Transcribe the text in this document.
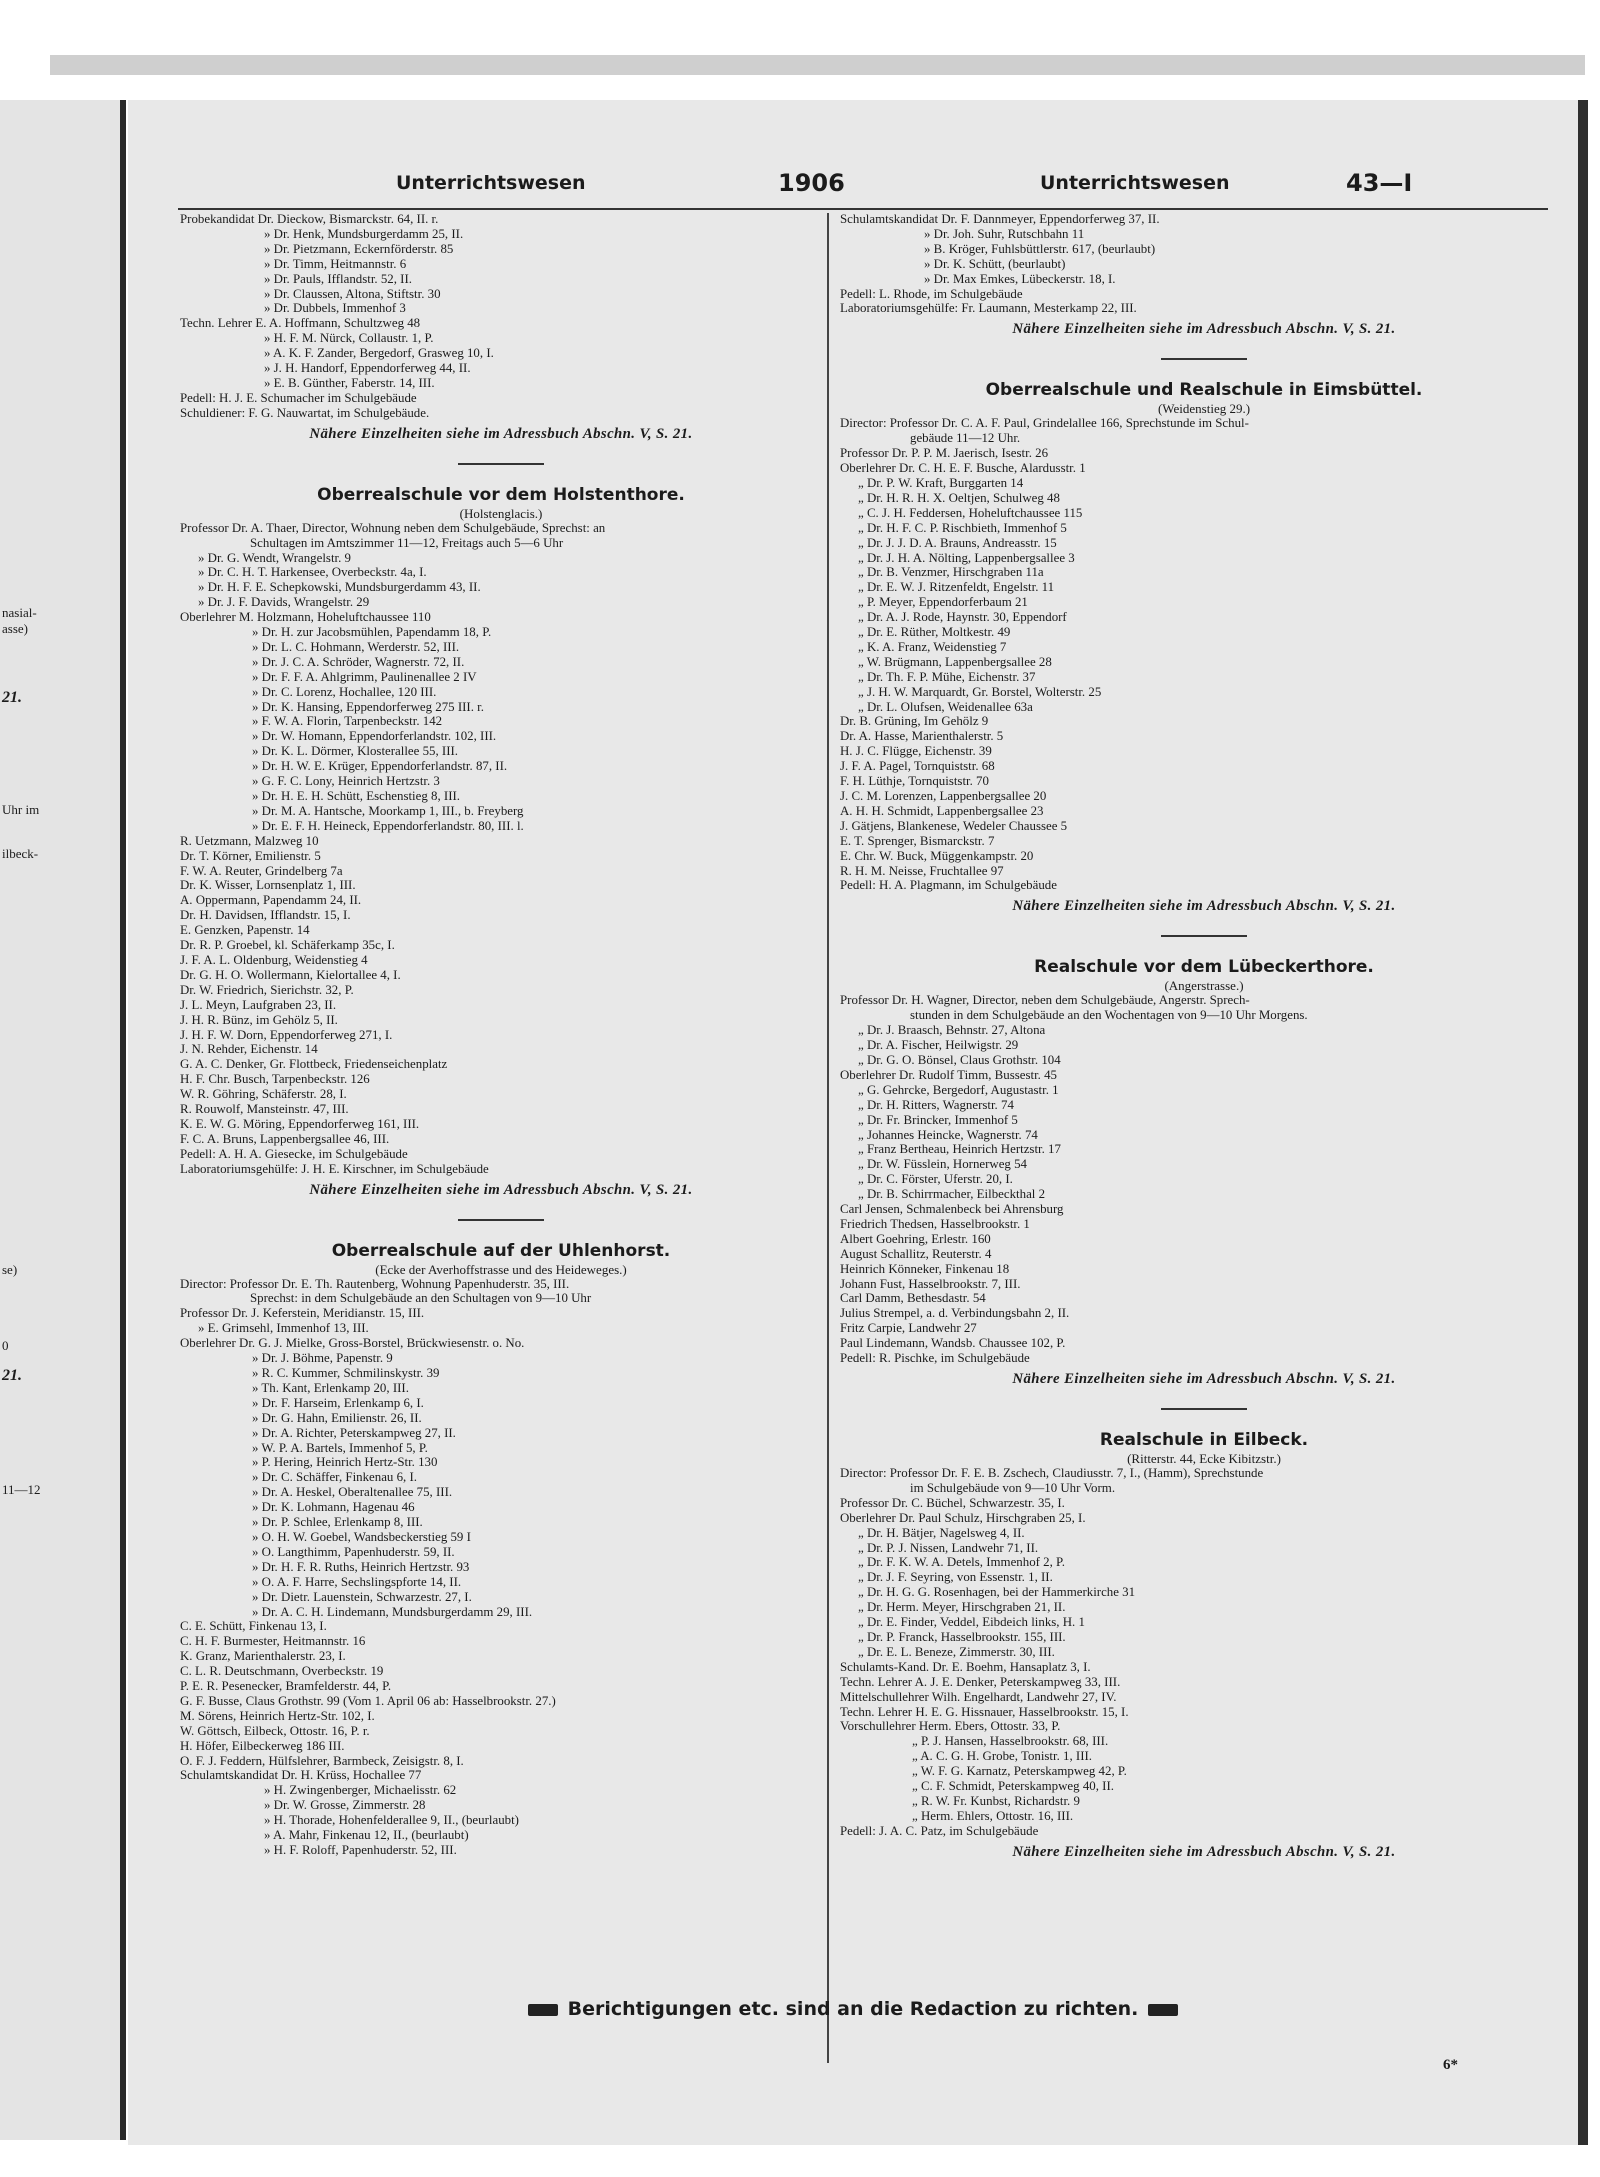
nasial-
asse)
21.
Uhr im
ilbeck-
se)
0
21.
11—12
Unterrichtswesen	1906	Unterrichtswesen	43—I
Probekandidat Dr. Dieckow, Bismarckstr. 64, II. r.
» Dr. Henk, Mundsburgerdamm 25, II.
» Dr. Pietzmann, Eckernförderstr. 85
» Dr. Timm, Heitmannstr. 6
» Dr. Pauls, Ifflandstr. 52, II.
» Dr. Claussen, Altona, Stiftstr. 30
» Dr. Dubbels, Immenhof 3
Techn. Lehrer E. A. Hoffmann, Schultzweg 48
» H. F. M. Nürck, Collaustr. 1, P.
» A. K. F. Zander, Bergedorf, Grasweg 10, I.
» J. H. Handorf, Eppendorferweg 44, II.
» E. B. Günther, Faberstr. 14, III.
Pedell: H. J. E. Schumacher im Schulgebäude
Schuldiener: F. G. Nauwartat, im Schulgebäude.
Nähere Einzelheiten siehe im Adressbuch Abschn. V, S. 21.
Oberrealschule vor dem Holstenthore.
(Holstenglacis.)
Professor Dr. A. Thaer, Director, Wohnung neben dem Schulgebäude, Sprechst: an
Schultagen im Amtszimmer 11—12, Freitags auch 5—6 Uhr
» Dr. G. Wendt, Wrangelstr. 9
» Dr. C. H. T. Harkensee, Overbeckstr. 4a, I.
» Dr. H. F. E. Schepkowski, Mundsburgerdamm 43, II.
» Dr. J. F. Davids, Wrangelstr. 29
Oberlehrer M. Holzmann, Hoheluftchaussee 110
» Dr. H. zur Jacobsmühlen, Papendamm 18, P.
» Dr. L. C. Hohmann, Werderstr. 52, III.
» Dr. J. C. A. Schröder, Wagnerstr. 72, II.
» Dr. F. F. A. Ahlgrimm, Paulinenallee 2 IV
» Dr. C. Lorenz, Hochallee, 120 III.
» Dr. K. Hansing, Eppendorferweg 275 III. r.
» F. W. A. Florin, Tarpenbeckstr. 142
» Dr. W. Homann, Eppendorferlandstr. 102, III.
» Dr. K. L. Dörmer, Klosterallee 55, III.
» Dr. H. W. E. Krüger, Eppendorferlandstr. 87, II.
» G. F. C. Lony, Heinrich Hertzstr. 3
» Dr. H. E. H. Schütt, Eschenstieg 8, III.
» Dr. M. A. Hantsche, Moorkamp 1, III., b. Freyberg
» Dr. E. F. H. Heineck, Eppendorferlandstr. 80, III. l.
R. Uetzmann, Malzweg 10
Dr. T. Körner, Emilienstr. 5
F. W. A. Reuter, Grindelberg 7a
Dr. K. Wisser, Lornsenplatz 1, III.
A. Oppermann, Papendamm 24, II.
Dr. H. Davidsen, Ifflandstr. 15, I.
E. Genzken, Papenstr. 14
Dr. R. P. Groebel, kl. Schäferkamp 35c, I.
J. F. A. L. Oldenburg, Weidenstieg 4
Dr. G. H. O. Wollermann, Kielortallee 4, I.
Dr. W. Friedrich, Sierichstr. 32, P.
J. L. Meyn, Laufgraben 23, II.
J. H. R. Bünz, im Gehölz 5, II.
J. H. F. W. Dorn, Eppendorferweg 271, I.
J. N. Rehder, Eichenstr. 14
G. A. C. Denker, Gr. Flottbeck, Friedenseichenplatz
H. F. Chr. Busch, Tarpenbeckstr. 126
W. R. Göhring, Schäferstr. 28, I.
R. Rouwolf, Mansteinstr. 47, III.
K. E. W. G. Möring, Eppendorferweg 161, III.
F. C. A. Bruns, Lappenbergsallee 46, III.
Pedell: A. H. A. Giesecke, im Schulgebäude
Laboratoriumsgehülfe: J. H. E. Kirschner, im Schulgebäude
Nähere Einzelheiten siehe im Adressbuch Abschn. V, S. 21.
Oberrealschule auf der Uhlenhorst.
(Ecke der Averhoffstrasse und des Heideweges.)
Director: Professor Dr. E. Th. Rautenberg, Wohnung Papenhuderstr. 35, III.
Sprechst: in dem Schulgebäude an den Schultagen von 9—10 Uhr
Professor Dr. J. Keferstein, Meridianstr. 15, III.
» E. Grimsehl, Immenhof 13, III.
Oberlehrer Dr. G. J. Mielke, Gross-Borstel, Brückwiesenstr. o. No.
» Dr. J. Böhme, Papenstr. 9
» R. C. Kummer, Schmilinskystr. 39
» Th. Kant, Erlenkamp 20, III.
» Dr. F. Harseim, Erlenkamp 6, I.
» Dr. G. Hahn, Emilienstr. 26, II.
» Dr. A. Richter, Peterskampweg 27, II.
» W. P. A. Bartels, Immenhof 5, P.
» P. Hering, Heinrich Hertz-Str. 130
» Dr. C. Schäffer, Finkenau 6, I.
» Dr. A. Heskel, Oberaltenallee 75, III.
» Dr. K. Lohmann, Hagenau 46
» Dr. P. Schlee, Erlenkamp 8, III.
» O. H. W. Goebel, Wandsbeckerstieg 59 I
» O. Langthimm, Papenhuderstr. 59, II.
» Dr. H. F. R. Ruths, Heinrich Hertzstr. 93
» O. A. F. Harre, Sechslingspforte 14, II.
» Dr. Dietr. Lauenstein, Schwarzestr. 27, I.
» Dr. A. C. H. Lindemann, Mundsburgerdamm 29, III.
C. E. Schütt, Finkenau 13, I.
C. H. F. Burmester, Heitmannstr. 16
K. Granz, Marienthalerstr. 23, I.
C. L. R. Deutschmann, Overbeckstr. 19
P. E. R. Pesenecker, Bramfelderstr. 44, P.
G. F. Busse, Claus Grothstr. 99 (Vom 1. April 06 ab: Hasselbrookstr. 27.)
M. Sörens, Heinrich Hertz-Str. 102, I.
W. Göttsch, Eilbeck, Ottostr. 16, P. r.
H. Höfer, Eilbeckerweg 186 III.
O. F. J. Feddern, Hülfslehrer, Barmbeck, Zeisigstr. 8, I.
Schulamtskandidat Dr. H. Krüss, Hochallee 77
» H. Zwingenberger, Michaelisstr. 62
» Dr. W. Grosse, Zimmerstr. 28
» H. Thorade, Hohenfelderallee 9, II., (beurlaubt)
» A. Mahr, Finkenau 12, II., (beurlaubt)
» H. F. Roloff, Papenhuderstr. 52, III.
Schulamtskandidat Dr. F. Dannmeyer, Eppendorferweg 37, II.
» Dr. Joh. Suhr, Rutschbahn 11
» B. Kröger, Fuhlsbüttlerstr. 617, (beurlaubt)
» Dr. K. Schütt, (beurlaubt)
» Dr. Max Emkes, Lübeckerstr. 18, I.
Pedell: L. Rhode, im Schulgebäude
Laboratoriumsgehülfe: Fr. Laumann, Mesterkamp 22, III.
Nähere Einzelheiten siehe im Adressbuch Abschn. V, S. 21.
Oberrealschule und Realschule in Eimsbüttel.
(Weidenstieg 29.)
Director: Professor Dr. C. A. F. Paul, Grindelallee 166, Sprechstunde im Schul-
gebäude 11—12 Uhr.
Professor Dr. P. P. M. Jaerisch, Isestr. 26
Oberlehrer Dr. C. H. E. F. Busche, Alardusstr. 1
„ Dr. P. W. Kraft, Burggarten 14
„ Dr. H. R. H. X. Oeltjen, Schulweg 48
„ C. J. H. Feddersen, Hoheluftchaussee 115
„ Dr. H. F. C. P. Rischbieth, Immenhof 5
„ Dr. J. J. D. A. Brauns, Andreasstr. 15
„ Dr. J. H. A. Nölting, Lappenbergsallee 3
„ Dr. B. Venzmer, Hirschgraben 11a
„ Dr. E. W. J. Ritzenfeldt, Engelstr. 11
„ P. Meyer, Eppendorferbaum 21
„ Dr. A. J. Rode, Haynstr. 30, Eppendorf
„ Dr. E. Rüther, Moltkestr. 49
„ K. A. Franz, Weidenstieg 7
„ W. Brügmann, Lappenbergsallee 28
„ Dr. Th. F. P. Mühe, Eichenstr. 37
„ J. H. W. Marquardt, Gr. Borstel, Wolterstr. 25
„ Dr. L. Olufsen, Weidenallee 63a
Dr. B. Grüning, Im Gehölz 9
Dr. A. Hasse, Marienthalerstr. 5
H. J. C. Flügge, Eichenstr. 39
J. F. A. Pagel, Tornquiststr. 68
F. H. Lüthje, Tornquiststr. 70
J. C. M. Lorenzen, Lappenbergsallee 20
A. H. H. Schmidt, Lappenbergsallee 23
J. Gätjens, Blankenese, Wedeler Chaussee 5
E. T. Sprenger, Bismarckstr. 7
E. Chr. W. Buck, Müggenkampstr. 20
R. H. M. Neisse, Fruchtallee 97
Pedell: H. A. Plagmann, im Schulgebäude
Nähere Einzelheiten siehe im Adressbuch Abschn. V, S. 21.
Realschule vor dem Lübeckerthore.
(Angerstrasse.)
Professor Dr. H. Wagner, Director, neben dem Schulgebäude, Angerstr. Sprech-
stunden in dem Schulgebäude an den Wochentagen von 9—10 Uhr Morgens.
„ Dr. J. Braasch, Behnstr. 27, Altona
„ Dr. A. Fischer, Heilwigstr. 29
„ Dr. G. O. Bönsel, Claus Grothstr. 104
Oberlehrer Dr. Rudolf Timm, Bussestr. 45
„ G. Gehrcke, Bergedorf, Augustastr. 1
„ Dr. H. Ritters, Wagnerstr. 74
„ Dr. Fr. Brincker, Immenhof 5
„ Johannes Heincke, Wagnerstr. 74
„ Franz Bertheau, Heinrich Hertzstr. 17
„ Dr. W. Füsslein, Hornerweg 54
„ Dr. C. Förster, Uferstr. 20, I.
„ Dr. B. Schirrmacher, Eilbeckthal 2
Carl Jensen, Schmalenbeck bei Ahrensburg
Friedrich Thedsen, Hasselbrookstr. 1
Albert Goehring, Erlestr. 160
August Schallitz, Reuterstr. 4
Heinrich Könneker, Finkenau 18
Johann Fust, Hasselbrookstr. 7, III.
Carl Damm, Bethesdastr. 54
Julius Strempel, a. d. Verbindungsbahn 2, II.
Fritz Carpie, Landwehr 27
Paul Lindemann, Wandsb. Chaussee 102, P.
Pedell: R. Pischke, im Schulgebäude
Nähere Einzelheiten siehe im Adressbuch Abschn. V, S. 21.
Realschule in Eilbeck.
(Ritterstr. 44, Ecke Kibitzstr.)
Director: Professor Dr. F. E. B. Zschech, Claudiusstr. 7, I., (Hamm), Sprechstunde
im Schulgebäude von 9—10 Uhr Vorm.
Professor Dr. C. Büchel, Schwarzestr. 35, I.
Oberlehrer Dr. Paul Schulz, Hirschgraben 25, I.
„ Dr. H. Bätjer, Nagelsweg 4, II.
„ Dr. P. J. Nissen, Landwehr 71, II.
„ Dr. F. K. W. A. Detels, Immenhof 2, P.
„ Dr. J. F. Seyring, von Essenstr. 1, II.
„ Dr. H. G. G. Rosenhagen, bei der Hammerkirche 31
„ Dr. Herm. Meyer, Hirschgraben 21, II.
„ Dr. E. Finder, Veddel, Eibdeich links, H. 1
„ Dr. P. Franck, Hasselbrookstr. 155, III.
„ Dr. E. L. Beneze, Zimmerstr. 30, III.
Schulamts-Kand. Dr. E. Boehm, Hansaplatz 3, I.
Techn. Lehrer A. J. E. Denker, Peterskampweg 33, III.
Mittelschullehrer Wilh. Engelhardt, Landwehr 27, IV.
Techn. Lehrer H. E. G. Hissnauer, Hasselbrookstr. 15, I.
Vorschullehrer Herm. Ebers, Ottostr. 33, P.
„ P. J. Hansen, Hasselbrookstr. 68, III.
„ A. C. G. H. Grobe, Tonistr. 1, III.
„ W. F. G. Karnatz, Peterskampweg 42, P.
„ C. F. Schmidt, Peterskampweg 40, II.
„ R. W. Fr. Kunbst, Richardstr. 9
„ Herm. Ehlers, Ottostr. 16, III.
Pedell: J. A. C. Patz, im Schulgebäude
Nähere Einzelheiten siehe im Adressbuch Abschn. V, S. 21.
Berichtigungen etc. sind an die Redaction zu richten.
6*
